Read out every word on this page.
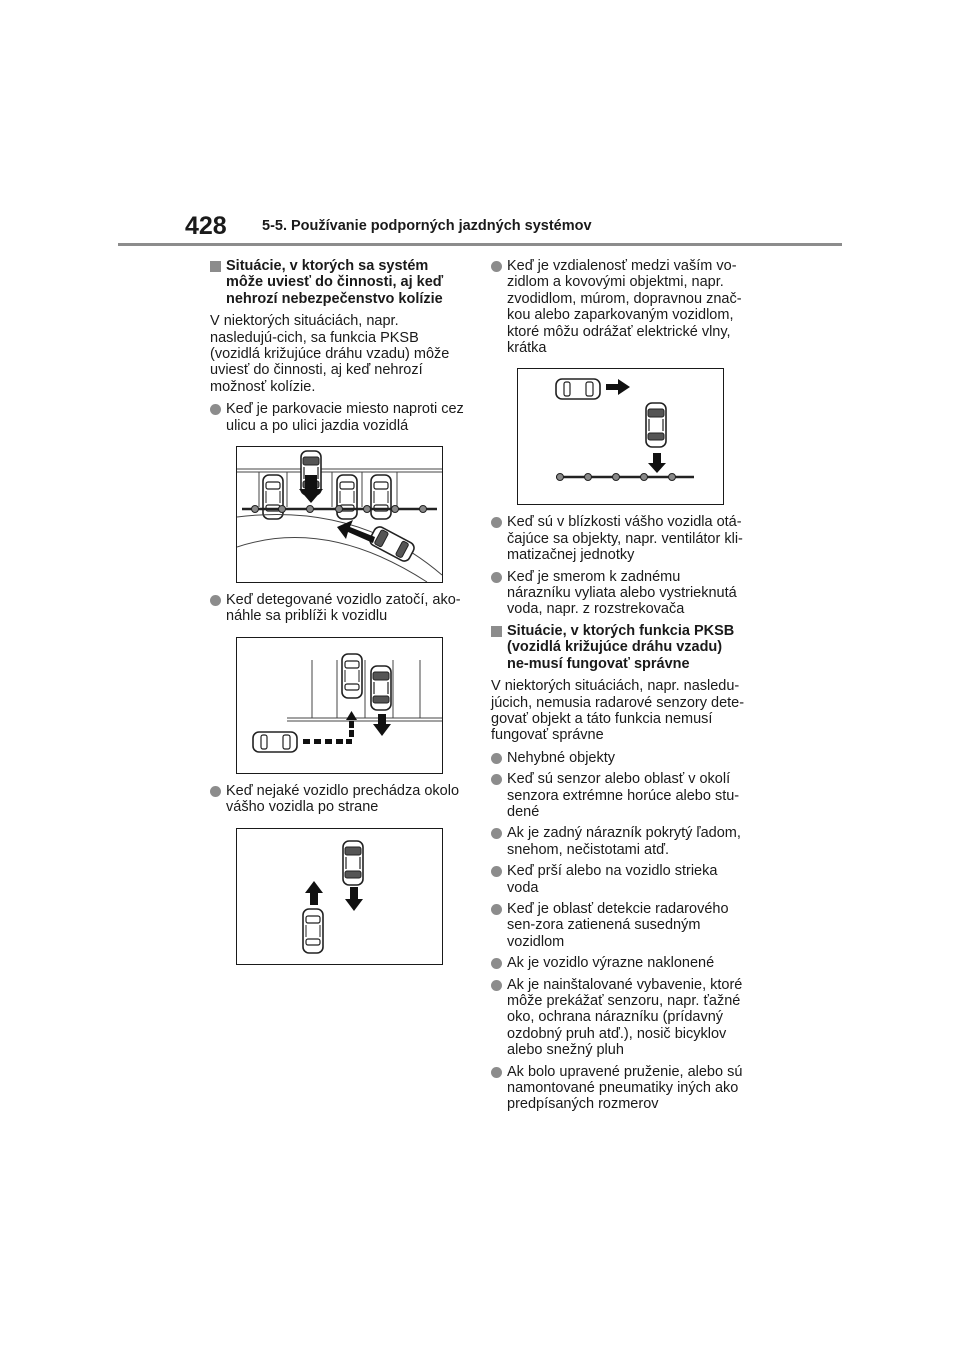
428 5-5. Používanie podporných jazdných systémov
Situácie, v ktorých sa systém môže uviesť do činnosti, aj keď nehrozí nebezpečenstvo kolízie

V niektorých situáciách, napr. nasledujú-cich, sa funkcia PKSB (vozidlá križujúce dráhu vzadu) môže uviesť do činnosti, aj keď nehrozí možnosť kolízie.

Keď je parkovacie miesto naproti cez ulicu a po ulici jazdia vozidlá
Keď detegované vozidlo zatočí, ako-náhle sa priblíži k vozidlu
Keď nejaké vozidlo prechádza okolo vášho vozidla po strane
Keď je vzdialenosť medzi vaším vo-zidlom a kovovými objektmi, napr. zvodidlom, múrom, dopravnou znač-kou alebo zaparkovaným vozidlom, ktoré môžu odrážať elektrické vlny, krátka
Keď sú v blízkosti vášho vozidla otá-čajúce sa objekty, napr. ventilátor kli-matizačnej jednotky
Keď je smerom k zadnému nárazníku vyliata alebo vystrieknutá voda, napr. z rozstrekovača
Situácie, v ktorých funkcia PKSB (vozidlá križujúce dráhu vzadu) ne-musí fungovať správne

V niektorých situáciách, napr. nasledu-júcich, nemusia radarové senzory dete-govať objekt a táto funkcia nemusí fungovať správne

Nehybné objekty
Keď sú senzor alebo oblasť v okolí senzora extrémne horúce alebo stu-dené
Ak je zadný nárazník pokrytý ľadom, snehom, nečistotami atď.
Keď prší alebo na vozidlo strieka voda
Keď je oblasť detekcie radarového sen-zora zatienená susedným vozidlom
Ak je vozidlo výrazne naklonené
Ak je nainštalované vybavenie, ktoré môže prekážať senzoru, napr. ťažné oko, ochrana nárazníku (prídavný ozdobný pruh atď.), nosič bicyklov alebo snežný pluh
Ak bolo upravené pruženie, alebo sú namontované pneumatiky iných ako predpísaných rozmerov
